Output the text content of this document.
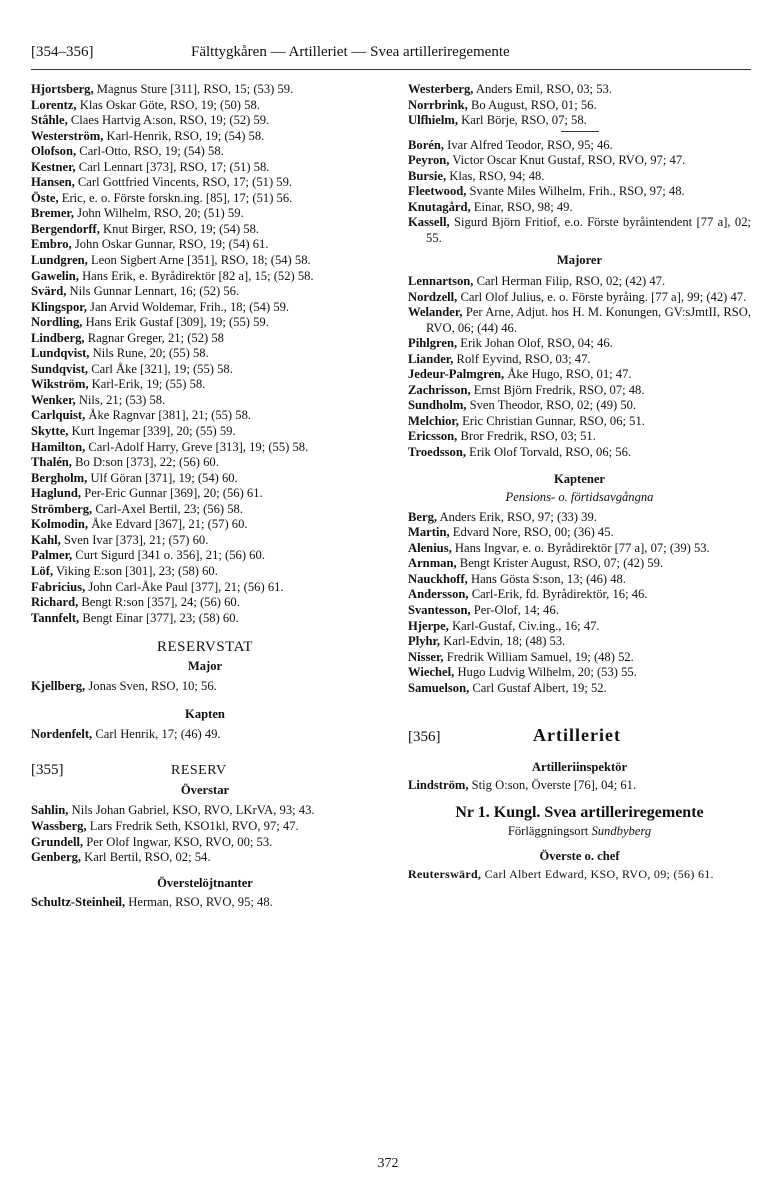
[354–356]	Fälttygkåren — Artilleriet — Svea artilleriregemente
Hjortsberg, Magnus Sture [311], RSO, 15; (53) 59.
Lorentz, Klas Oskar Göte, RSO, 19; (50) 58.
Ståhle, Claes Hartvig A:son, RSO, 19; (52) 59.
Westerström, Karl-Henrik, RSO, 19; (54) 58.
Olofson, Carl-Otto, RSO, 19; (54) 58.
Kestner, Carl Lennart [373], RSO, 17; (51) 58.
Hansen, Carl Gottfried Vincents, RSO, 17; (51) 59.
Öste, Eric, e. o. Förste forskn.ing. [85], 17; (51) 56.
Bremer, John Wilhelm, RSO, 20; (51) 59.
Bergendorff, Knut Birger, RSO, 19; (54) 58.
Embro, John Oskar Gunnar, RSO, 19; (54) 61.
Lundgren, Leon Sigbert Arne [351], RSO, 18; (54) 58.
Gawelin, Hans Erik, e. Byrådirektör [82 a], 15; (52) 58.
Svärd, Nils Gunnar Lennart, 16; (52) 56.
Klingspor, Jan Arvid Woldemar, Frih., 18; (54) 59.
Nordling, Hans Erik Gustaf [309], 19; (55) 59.
Lindberg, Ragnar Greger, 21; (52) 58
Lundqvist, Nils Rune, 20; (55) 58.
Sundqvist, Carl Åke [321], 19; (55) 58.
Wikström, Karl-Erik, 19; (55) 58.
Wenker, Nils, 21; (53) 58.
Carlquist, Åke Ragnvar [381], 21; (55) 58.
Skytte, Kurt Ingemar [339], 20; (55) 59.
Hamilton, Carl-Adolf Harry, Greve [313], 19; (55) 58.
Thalén, Bo D:son [373], 22; (56) 60.
Bergholm, Ulf Göran [371], 19; (54) 60.
Haglund, Per-Eric Gunnar [369], 20; (56) 61.
Strömberg, Carl-Axel Bertil, 23; (56) 58.
Kolmodin, Åke Edvard [367], 21; (57) 60.
Kahl, Sven Ivar [373], 21; (57) 60.
Palmer, Curt Sigurd [341 o. 356], 21; (56) 60.
Löf, Viking E:son [301], 23; (58) 60.
Fabricius, John Carl-Åke Paul [377], 21; (56) 61.
Richard, Bengt R:son [357], 24; (56) 60.
Tannfelt, Bengt Einar [377], 23; (58) 60.
RESERVSTAT
Major
Kjellberg, Jonas Sven, RSO, 10; 56.
Kapten
Nordenfelt, Carl Henrik, 17; (46) 49.
[355]	RESERV
Överstar
Sahlin, Nils Johan Gabriel, KSO, RVO, LKrVA, 93; 43.
Wassberg, Lars Fredrik Seth, KSO1kl, RVO, 97; 47.
Grundell, Per Olof Ingwar, KSO, RVO, 00; 53.
Genberg, Karl Bertil, RSO, 02; 54.
Överstelöjtnanter
Schultz-Steinheil, Herman, RSO, RVO, 95; 48.
Westerberg, Anders Emil, RSO, 03; 53.
Norrbrink, Bo August, RSO, 01; 56.
Ulfhielm, Karl Börje, RSO, 07; 58.
Borén, Ivar Alfred Teodor, RSO, 95; 46.
Peyron, Victor Oscar Knut Gustaf, RSO, RVO, 97; 47.
Bursie, Klas, RSO, 94; 48.
Fleetwood, Svante Miles Wilhelm, Frih., RSO, 97; 48.
Knutagård, Einar, RSO, 98; 49.
Kassell, Sigurd Björn Fritiof, e.o. Förste byråintendent [77 a], 02; 55.
Majorer
Lennartson, Carl Herman Filip, RSO, 02; (42) 47.
Nordzell, Carl Olof Julius, e. o. Förste byråing. [77 a], 99; (42) 47.
Welander, Per Arne, Adjut. hos H. M. Konungen, GV:sJmtII, RSO, RVO, 06; (44) 46.
Pihlgren, Erik Johan Olof, RSO, 04; 46.
Liander, Rolf Eyvind, RSO, 03; 47.
Jedeur-Palmgren, Åke Hugo, RSO, 01; 47.
Zachrisson, Ernst Björn Fredrik, RSO, 07; 48.
Sundholm, Sven Theodor, RSO, 02; (49) 50.
Melchior, Eric Christian Gunnar, RSO, 06; 51.
Ericsson, Bror Fredrik, RSO, 03; 51.
Troedsson, Erik Olof Torvald, RSO, 06; 56.
Kaptener
Pensions- o. förtidsavgångna
Berg, Anders Erik, RSO, 97; (33) 39.
Martin, Edvard Nore, RSO, 00; (36) 45.
Alenius, Hans Ingvar, e. o. Byrådirektör [77 a], 07; (39) 53.
Arnman, Bengt Krister August, RSO, 07; (42) 59.
Nauckhoff, Hans Gösta S:son, 13; (46) 48.
Andersson, Carl-Erik, fd. Byrådirektör, 16; 46.
Svantesson, Per-Olof, 14; 46.
Hjerpe, Karl-Gustaf, Civ.ing., 16; 47.
Plyhr, Karl-Edvin, 18; (48) 53.
Nisser, Fredrik William Samuel, 19; (48) 52.
Wiechel, Hugo Ludvig Wilhelm, 20; (53) 55.
Samuelson, Carl Gustaf Albert, 19; 52.
[356]	Artilleriet
Artilleriinspektör
Lindström, Stig O:son, Överste [76], 04; 61.
Nr 1. Kungl. Svea artilleriregemente
Förläggningsort Sundbyberg
Överste o. chef
Reuterswärd, Carl Albert Edward, KSO, RVO, 09; (56) 61.
372
